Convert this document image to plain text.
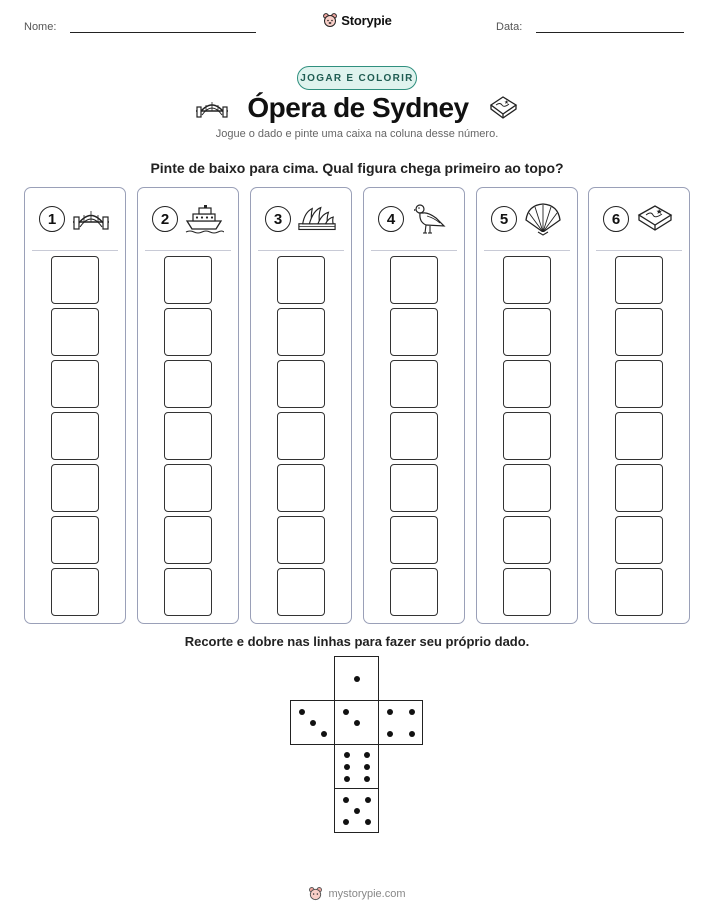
Nome:	Storypie	Data:
JOGAR E COLORIR
Ópera de Sydney
Jogue o dado e pinte uma caixa na coluna desse número.
Pinte de baixo para cima. Qual figura chega primeiro ao topo?
1	2	3	4	5	6
Recorte e dobre nas linhas para fazer seu próprio dado.
mystorypie.com
